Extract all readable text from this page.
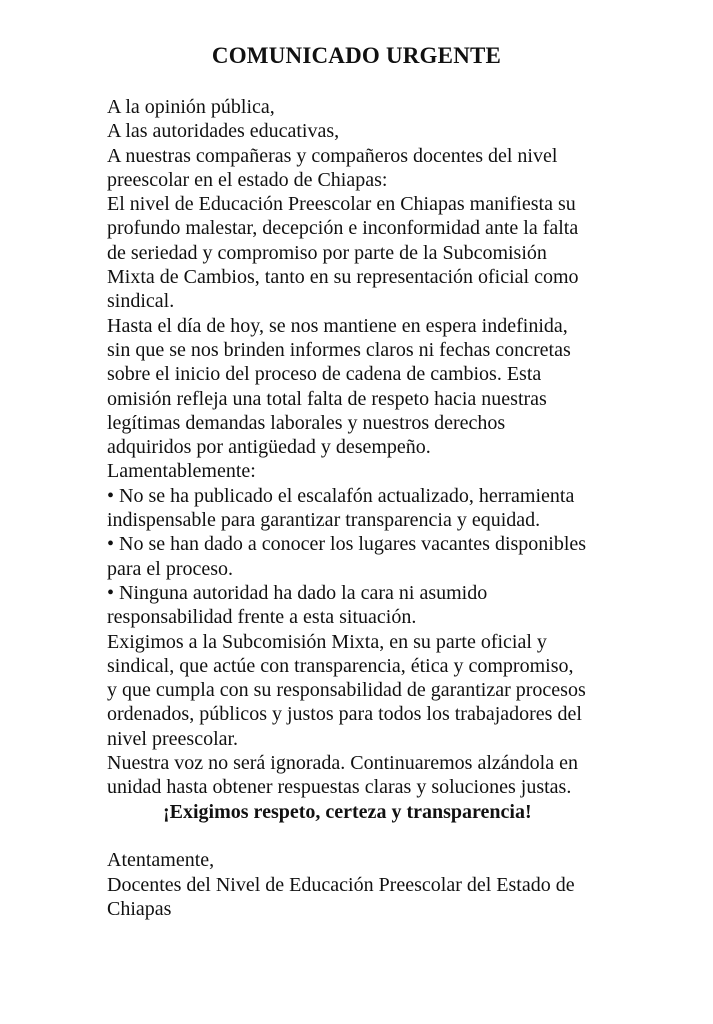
COMUNICADO URGENTE
A la opinión pública,
A las autoridades educativas,
A nuestras compañeras y compañeros docentes del nivel
preescolar en el estado de Chiapas:
El nivel de Educación Preescolar en Chiapas manifiesta su
profundo malestar, decepción e inconformidad ante la falta
de seriedad y compromiso por parte de la Subcomisión
Mixta de Cambios, tanto en su representación oficial como
sindical.
Hasta el día de hoy, se nos mantiene en espera indefinida,
sin que se nos brinden informes claros ni fechas concretas
sobre el inicio del proceso de cadena de cambios. Esta
omisión refleja una total falta de respeto hacia nuestras
legítimas demandas laborales y nuestros derechos
adquiridos por antigüedad y desempeño.
Lamentablemente:
• No se ha publicado el escalafón actualizado, herramienta
indispensable para garantizar transparencia y equidad.
• No se han dado a conocer los lugares vacantes disponibles
para el proceso.
• Ninguna autoridad ha dado la cara ni asumido
responsabilidad frente a esta situación.
Exigimos a la Subcomisión Mixta, en su parte oficial y
sindical, que actúe con transparencia, ética y compromiso,
y que cumpla con su responsabilidad de garantizar procesos
ordenados, públicos y justos para todos los trabajadores del
nivel preescolar.
Nuestra voz no será ignorada. Continuaremos alzándola en
unidad hasta obtener respuestas claras y soluciones justas.
¡Exigimos respeto, certeza y transparencia!
Atentamente,
Docentes del Nivel de Educación Preescolar del Estado de
Chiapas
